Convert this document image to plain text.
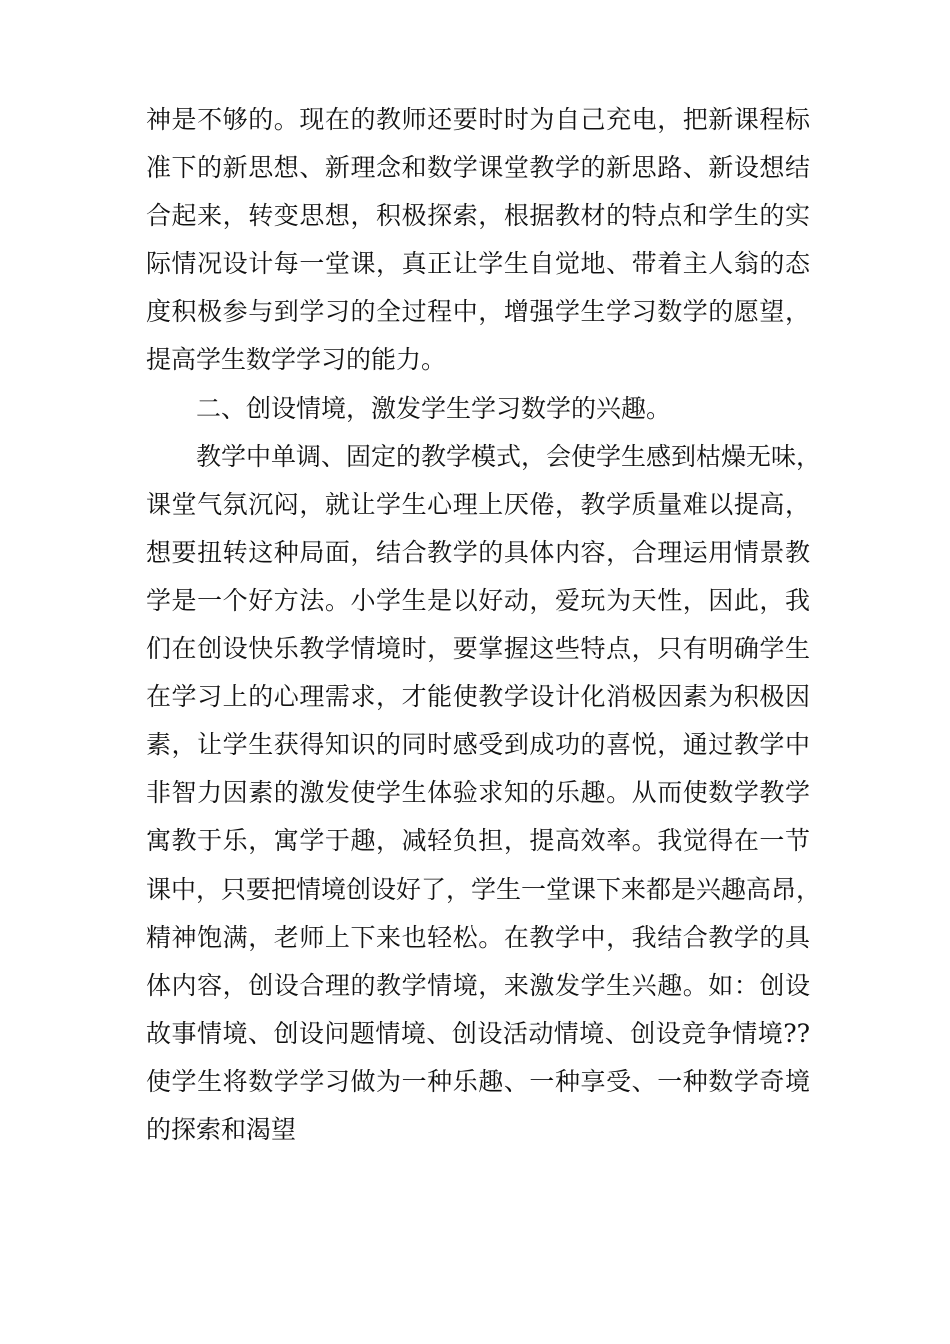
神是不够的。现在的教师还要时时为自己充电，把新课程标
准下的新思想、新理念和数学课堂教学的新思路、新设想结
合起来，转变思想，积极探索，根据教材的特点和学生的实
际情况设计每一堂课，真正让学生自觉地、带着主人翁的态
度积极参与到学习的全过程中，增强学生学习数学的愿望，
提高学生数学学习的能力。
二、创设情境，激发学生学习数学的兴趣。
教学中单调、固定的教学模式，会使学生感到枯燥无味，
课堂气氛沉闷，就让学生心理上厌倦，教学质量难以提高，
想要扭转这种局面，结合教学的具体内容，合理运用情景教
学是一个好方法。小学生是以好动，爱玩为天性，因此，我
们在创设快乐教学情境时，要掌握这些特点，只有明确学生
在学习上的心理需求，才能使教学设计化消极因素为积极因
素，让学生获得知识的同时感受到成功的喜悦，通过教学中
非智力因素的激发使学生体验求知的乐趣。从而使数学教学
寓教于乐，寓学于趣，减轻负担，提高效率。我觉得在一节
课中，只要把情境创设好了，学生一堂课下来都是兴趣高昂，
精神饱满，老师上下来也轻松。在教学中，我结合教学的具
体内容，创设合理的教学情境，来激发学生兴趣。如：创设
故事情境、创设问题情境、创设活动情境、创设竞争情境??
使学生将数学学习做为一种乐趣、一种享受、一种数学奇境
的探索和渴望
